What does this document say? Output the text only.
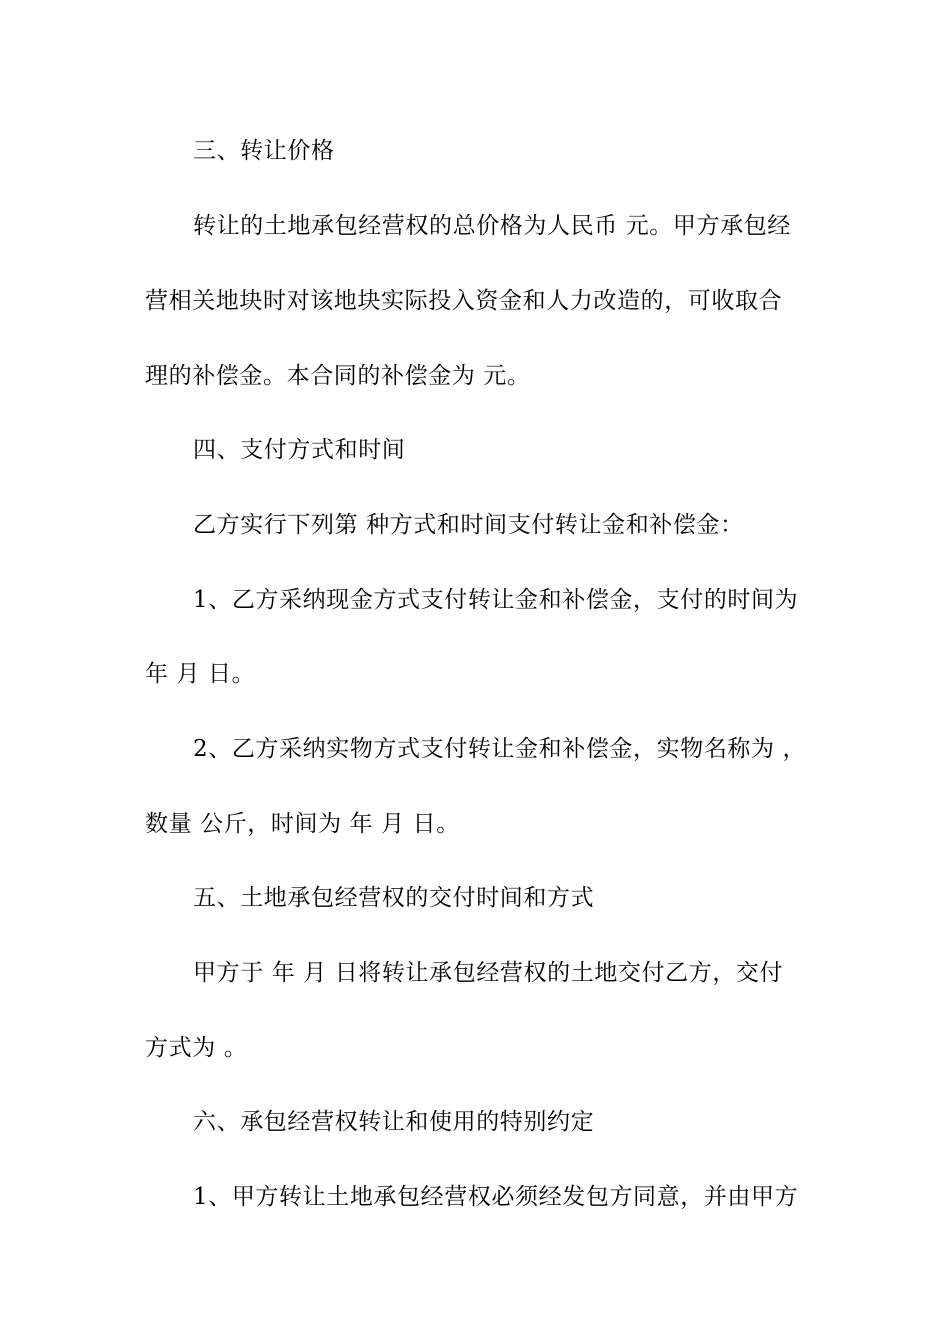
三、转让价格
转让的土地承包经营权的总价格为人民币 元。甲方承包经
营相关地块时对该地块实际投入资金和人力改造的，可收取合
理的补偿金。本合同的补偿金为 元。
四、支付方式和时间
乙方实行下列第 种方式和时间支付转让金和补偿金：
1、乙方采纳现金方式支付转让金和补偿金，支付的时间为
年 月 日。
2、乙方采纳实物方式支付转让金和补偿金，实物名称为 ，
数量 公斤，时间为 年 月 日。
五、土地承包经营权的交付时间和方式
甲方于 年 月 日将转让承包经营权的土地交付乙方，交付
方式为 。
六、承包经营权转让和使用的特别约定
1、甲方转让土地承包经营权必须经发包方同意，并由甲方
